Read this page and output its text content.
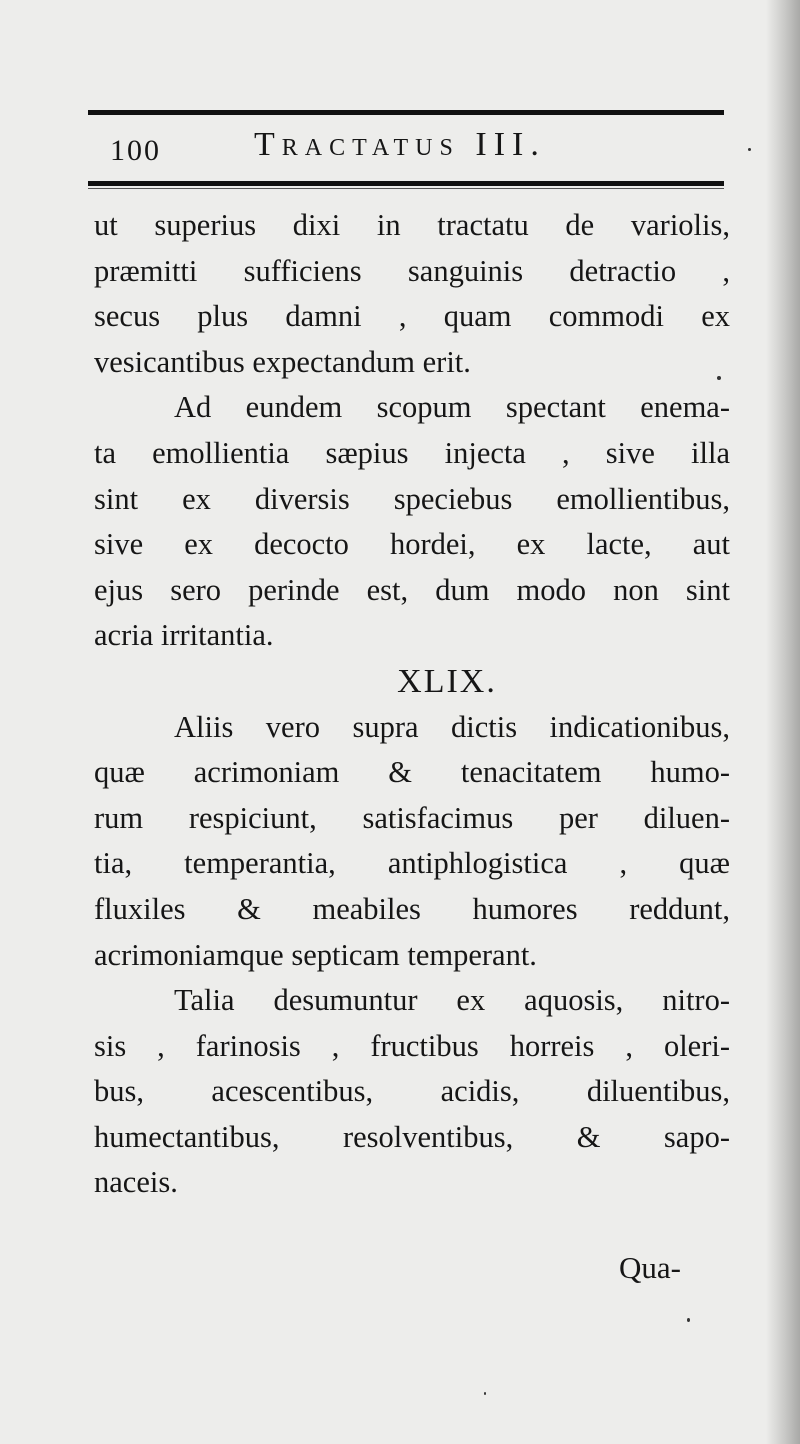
100	Tractatus III.
ut superius dixi in tractatu de variolis,
præmitti sufficiens sanguinis detractio ,
secus plus damni , quam commodi ex
vesicantibus expectandum erit.
Ad eundem scopum spectant enema-
ta emollientia sæpius injecta , sive illa
sint ex diversis speciebus emollientibus,
sive ex decocto hordei, ex lacte, aut
ejus sero perinde est, dum modo non sint
acria irritantia.
XLIX.
Aliis vero supra dictis indicationibus,
quæ acrimoniam & tenacitatem humo-
rum respiciunt, satisfacimus per diluen-
tia, temperantia, antiphlogistica , quæ
fluxiles & meabiles humores reddunt,
acrimoniamque septicam temperant.
Talia desumuntur ex aquosis, nitro-
sis , farinosis , fructibus horreis , oleri-
bus, acescentibus, acidis, diluentibus,
humectantibus, resolventibus, & sapo-
naceis.
Qua-
